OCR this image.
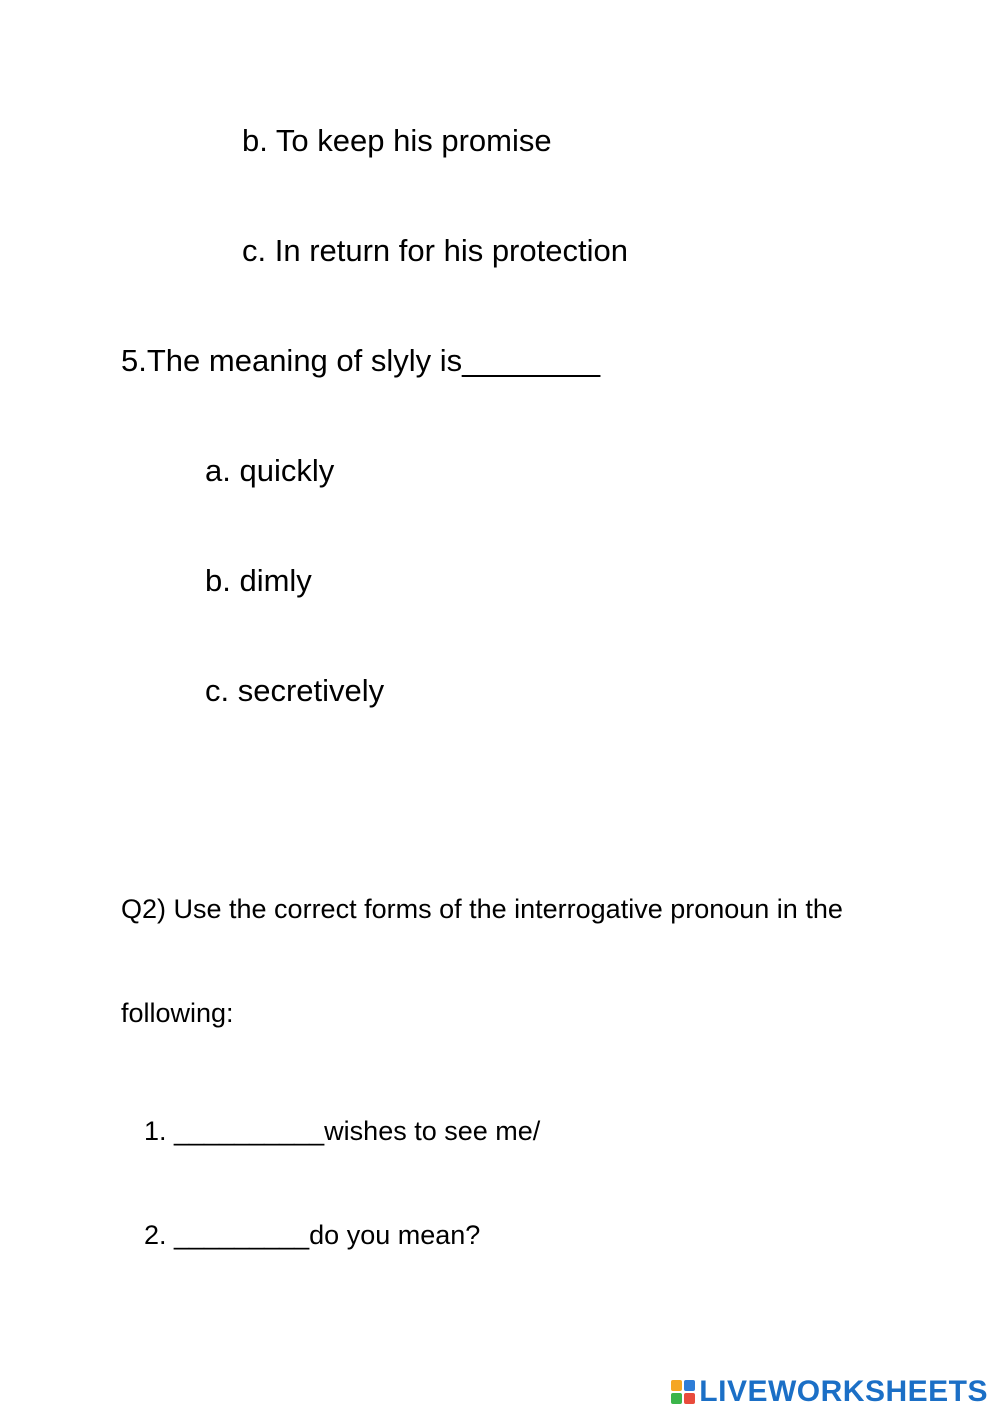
b. To keep his promise
c. In return for his protection
5.The meaning of slyly is________
a. quickly
b. dimly
c. secretively
Q2) Use the correct forms of the interrogative pronoun in the
following:
1. __________wishes to see me/
2. _________do you mean?
LIVEWORKSHEETS
